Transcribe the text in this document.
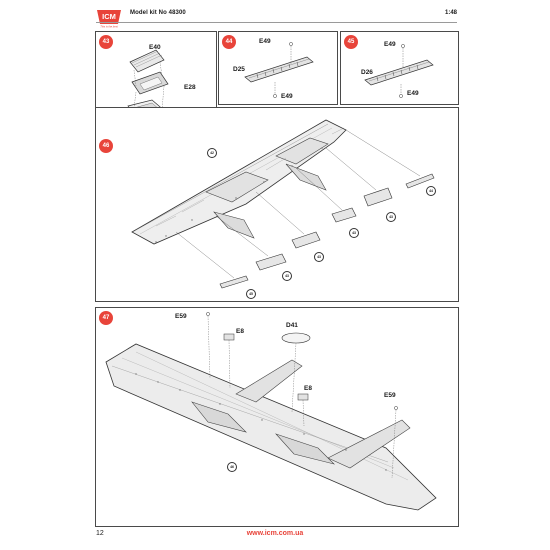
ICM
This is the best
Model kit No 48300	1:48
43
E40
E28
44	E49
D25
E49
45	E49
D26
E49
46
42
44
43
43
43
43
45
47	E59
E8
D41
E8
E59
46
12	www.icm.com.ua
